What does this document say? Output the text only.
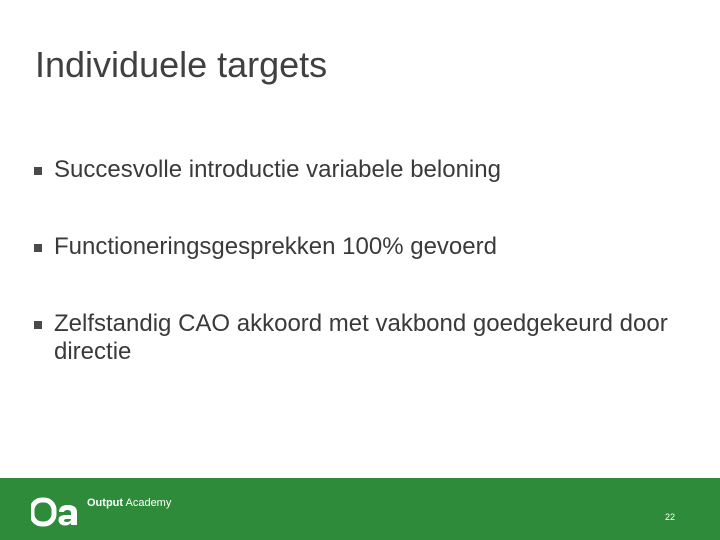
Individuele targets
Succesvolle introductie variabele beloning
Functioneringsgesprekken 100% gevoerd
Zelfstandig CAO akkoord met vakbond goedgekeurd door directie
Output Academy
22
